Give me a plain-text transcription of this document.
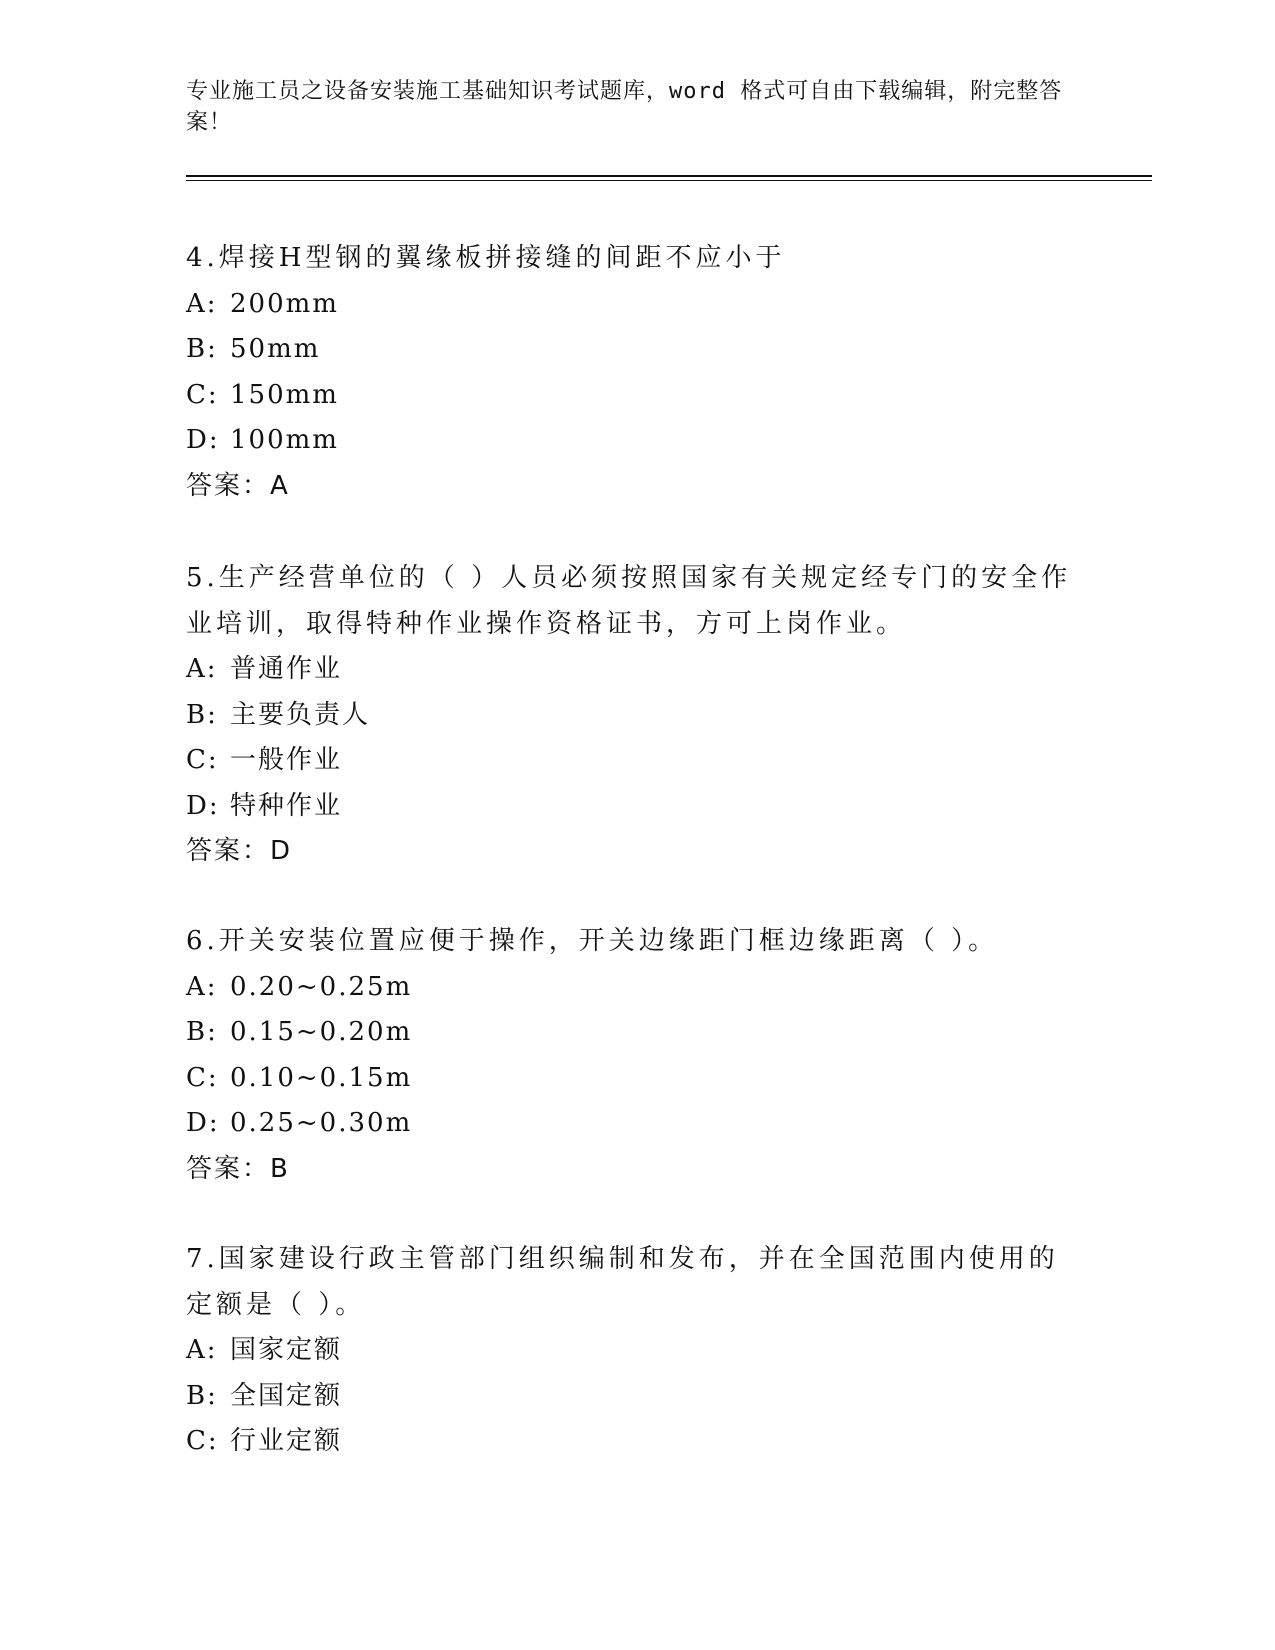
专业施工员之设备安装施工基础知识考试题库，word 格式可自由下载编辑，附完整答案！

4.焊接H型钢的翼缘板拼接缝的间距不应小于

A: 200mm

B: 50mm

C: 150mm

D: 100mm

答案：A

5.生产经营单位的（ ）人员必须按照国家有关规定经专门的安全作业培训，取得特种作业操作资格证书，方可上岗作业。

A: 普通作业

B: 主要负责人

C: 一般作业

D: 特种作业

答案：D

6.开关安装位置应便于操作，开关边缘距门框边缘距离（ ）。

A: 0.20~0.25m

B: 0.15~0.20m

C: 0.10~0.15m

D: 0.25~0.30m

答案：B

7.国家建设行政主管部门组织编制和发布，并在全国范围内使用的定额是（ ）。

A: 国家定额

B: 全国定额

C: 行业定额
